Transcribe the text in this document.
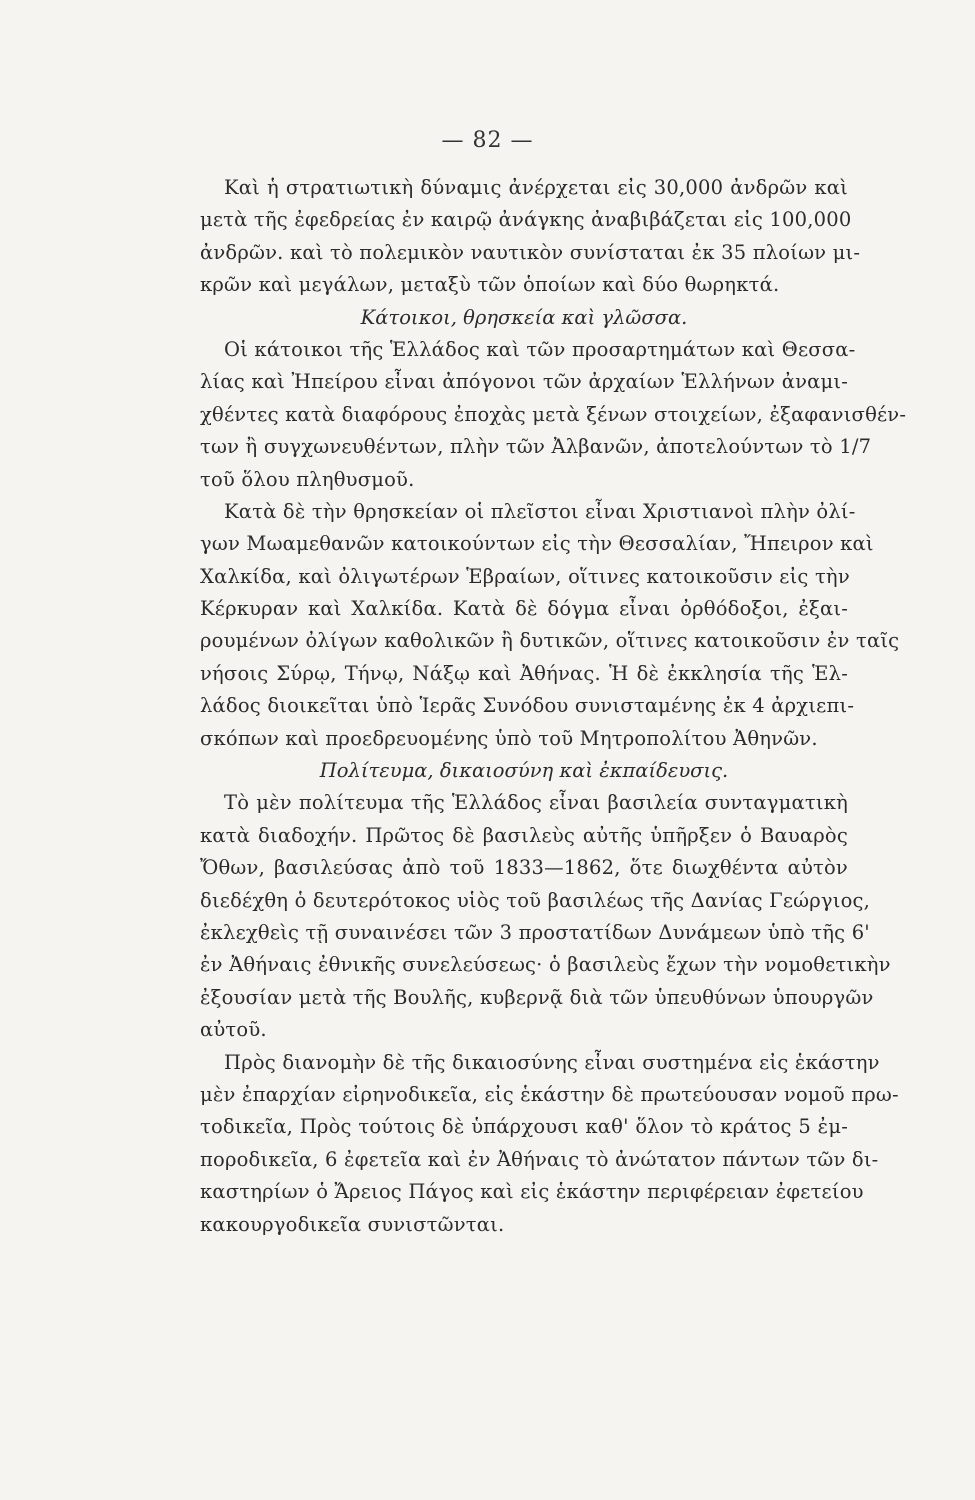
— 82 —
Καὶ ἡ στρατιωτικὴ δύναμις ἀνέρχεται εἰς 30,000 ἀνδρῶν καὶ
μετὰ τῆς ἐφεδρείας ἐν καιρῷ ἀνάγκης ἀναβιβάζεται εἰς 100,000
ἀνδρῶν. καὶ τὸ πολεμικὸν ναυτικὸν συνίσταται ἐκ 35 πλοίων μι-
κρῶν καὶ μεγάλων, μεταξὺ τῶν ὁποίων καὶ δύο θωρηκτά.
Κάτοικοι, θρησκεία καὶ γλῶσσα.
Οἱ κάτοικοι τῆς Ἑλλάδος καὶ τῶν προσαρτημάτων καὶ Θεσσα-
λίας καὶ Ἠπείρου εἶναι ἀπόγονοι τῶν ἀρχαίων Ἑλλήνων ἀναμι-
χθέντες κατὰ διαφόρους ἐποχὰς μετὰ ξένων στοιχείων, ἐξαφανισθέν-
των ἢ συγχωνευθέντων, πλὴν τῶν Ἀλβανῶν, ἀποτελούντων τὸ 1/7
τοῦ ὅλου πληθυσμοῦ.
Κατὰ δὲ τὴν θρησκείαν οἱ πλεῖστοι εἶναι Χριστιανοὶ πλὴν ὀλί-
γων Μωαμεθανῶν κατοικούντων εἰς τὴν Θεσσαλίαν, Ἤπειρον καὶ
Χαλκίδα, καὶ ὀλιγωτέρων Ἑβραίων, οἵτινες κατοικοῦσιν εἰς τὴν
Κέρκυραν καὶ Χαλκίδα. Κατὰ δὲ δόγμα εἶναι ὀρθόδοξοι, ἐξαι-
ρουμένων ὀλίγων καθολικῶν ἢ δυτικῶν, οἵτινες κατοικοῦσιν ἐν ταῖς
νήσοις Σύρῳ, Τήνῳ, Νάξῳ καὶ Ἀθήνας. Ἡ δὲ ἐκκλησία τῆς Ἑλ-
λάδος διοικεῖται ὑπὸ Ἱερᾶς Συνόδου συνισταμένης ἐκ 4 ἀρχιεπι-
σκόπων καὶ προεδρευομένης ὑπὸ τοῦ Μητροπολίτου Ἀθηνῶν.
Πολίτευμα, δικαιοσύνη καὶ ἐκπαίδευσις.
Τὸ μὲν πολίτευμα τῆς Ἑλλάδος εἶναι βασιλεία συνταγματικὴ
κατὰ διαδοχήν. Πρῶτος δὲ βασιλεὺς αὐτῆς ὑπῆρξεν ὁ Βαυαρὸς
Ὄθων, βασιλεύσας ἀπὸ τοῦ 1833—1862, ὅτε διωχθέντα αὐτὸν
διεδέχθη ὁ δευτερότοκος υἱὸς τοῦ βασιλέως τῆς Δανίας Γεώργιος,
ἐκλεχθεὶς τῇ συναινέσει τῶν 3 προστατίδων Δυνάμεων ὑπὸ τῆς 6'
ἐν Ἀθήναις ἐθνικῆς συνελεύσεως· ὁ βασιλεὺς ἔχων τὴν νομοθετικὴν
ἐξουσίαν μετὰ τῆς Βουλῆς, κυβερνᾷ διὰ τῶν ὑπευθύνων ὑπουργῶν
αὐτοῦ.
Πρὸς διανομὴν δὲ τῆς δικαιοσύνης εἶναι συστημένα εἰς ἑκάστην
μὲν ἐπαρχίαν εἰρηνοδικεῖα, εἰς ἑκάστην δὲ πρωτεύουσαν νομοῦ πρω-
τοδικεῖα, Πρὸς τούτοις δὲ ὑπάρχουσι καθ' ὅλον τὸ κράτος 5 ἐμ-
ποροδικεῖα, 6 ἐφετεῖα καὶ ἐν Ἀθήναις τὸ ἀνώτατον πάντων τῶν δι-
καστηρίων ὁ Ἄρειος Πάγος καὶ εἰς ἑκάστην περιφέρειαν ἐφετείου
κακουργοδικεῖα συνιστῶνται.
